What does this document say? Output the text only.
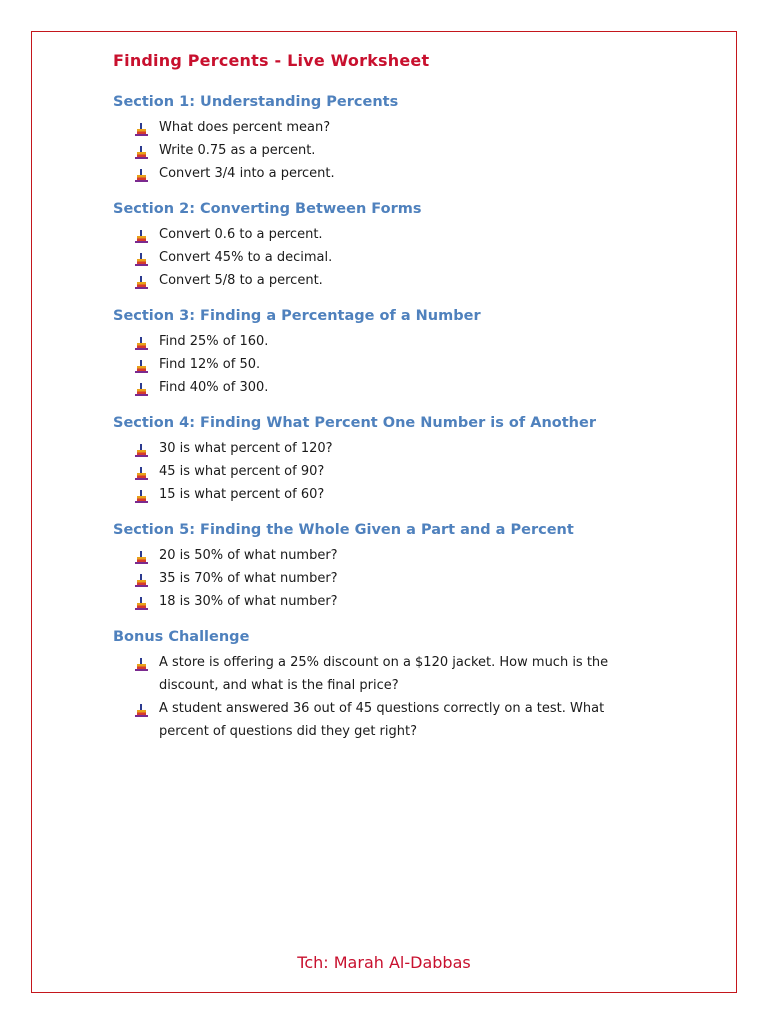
Finding Percents - Live Worksheet
Section 1: Understanding Percents
What does percent mean?
Write 0.75 as a percent.
Convert 3/4 into a percent.
Section 2: Converting Between Forms
Convert 0.6 to a percent.
Convert 45% to a decimal.
Convert 5/8 to a percent.
Section 3: Finding a Percentage of a Number
Find 25% of 160.
Find 12% of 50.
Find 40% of 300.
Section 4: Finding What Percent One Number is of Another
30 is what percent of 120?
45 is what percent of 90?
15 is what percent of 60?
Section 5: Finding the Whole Given a Part and a Percent
20 is 50% of what number?
35 is 70% of what number?
18 is 30% of what number?
Bonus Challenge
A store is offering a 25% discount on a $120 jacket. How much is the discount, and what is the final price?
A student answered 36 out of 45 questions correctly on a test. What percent of questions did they get right?
Tch: Marah Al-Dabbas
